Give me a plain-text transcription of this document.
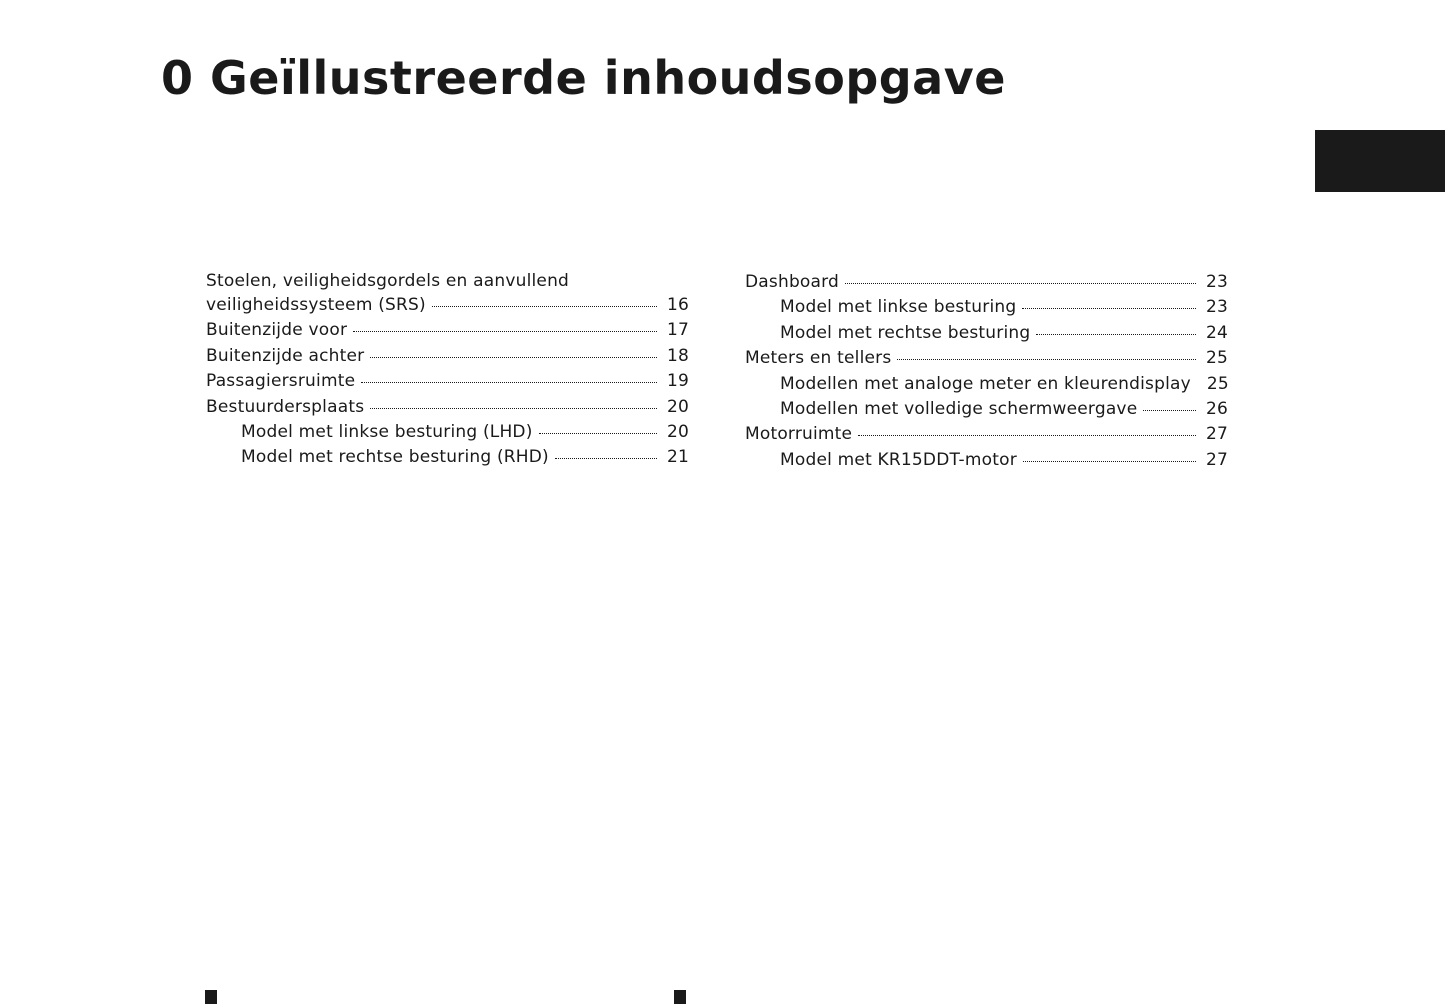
0 Geïllustreerde inhoudsopgave
Stoelen, veiligheidsgordels en aanvullend
veiligheidssysteem (SRS)	16
Buitenzijde voor	17
Buitenzijde achter	18
Passagiersruimte	19
Bestuurdersplaats	20
Model met linkse besturing (LHD)	20
Model met rechtse besturing (RHD)	21
Dashboard	23
Model met linkse besturing	23
Model met rechtse besturing	24
Meters en tellers	25
Modellen met analoge meter en kleurendisplay 25
Modellen met volledige schermweergave	26
Motorruimte	27
Model met KR15DDT-motor	27
